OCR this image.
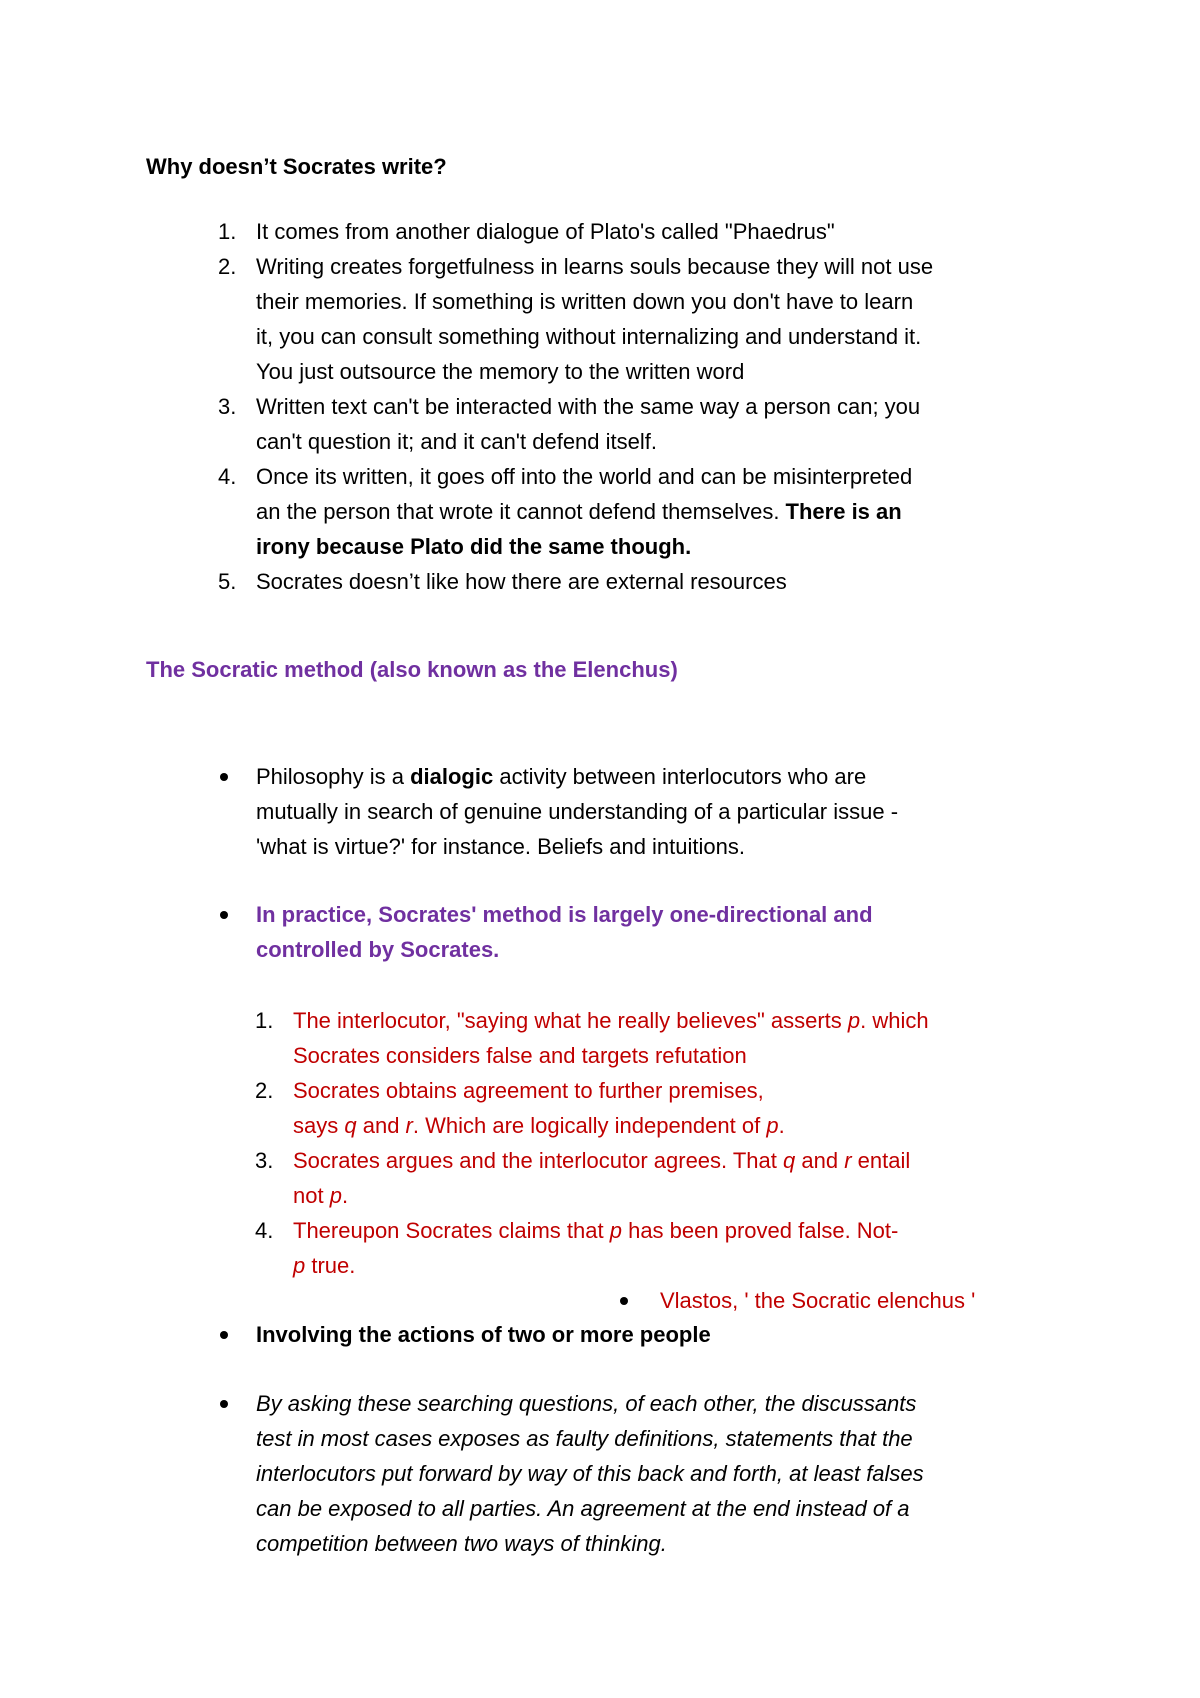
Why doesn’t Socrates write?
1. It comes from another dialogue of Plato's called "Phaedrus"
2. Writing creates forgetfulness in learns souls because they will not use
their memories. If something is written down you don't have to learn
it, you can consult something without internalizing and understand it.
You just outsource the memory to the written word
3. Written text can't be interacted with the same way a person can; you
can't question it; and it can't defend itself.
4. Once its written, it goes off into the world and can be misinterpreted
an the person that wrote it cannot defend themselves. There is an
irony because Plato did the same though.
5. Socrates doesn’t like how there are external resources
The Socratic method (also known as the Elenchus)
Philosophy is a dialogic activity between interlocutors who are
mutually in search of genuine understanding of a particular issue -
'what is virtue?' for instance. Beliefs and intuitions.
In practice, Socrates' method is largely one-directional and
controlled by Socrates.
1. The interlocutor, "saying what he really believes" asserts p. which
Socrates considers false and targets refutation
2. Socrates obtains agreement to further premises,
says q and r. Which are logically independent of p.
3. Socrates argues and the interlocutor agrees. That q and r entail
not p.
4. Thereupon Socrates claims that p has been proved false. Not-
p true.
Vlastos, ' the Socratic elenchus '
Involving the actions of two or more people
By asking these searching questions, of each other, the discussants
test in most cases exposes as faulty definitions, statements that the
interlocutors put forward by way of this back and forth, at least falses
can be exposed to all parties. An agreement at the end instead of a
competition between two ways of thinking.
